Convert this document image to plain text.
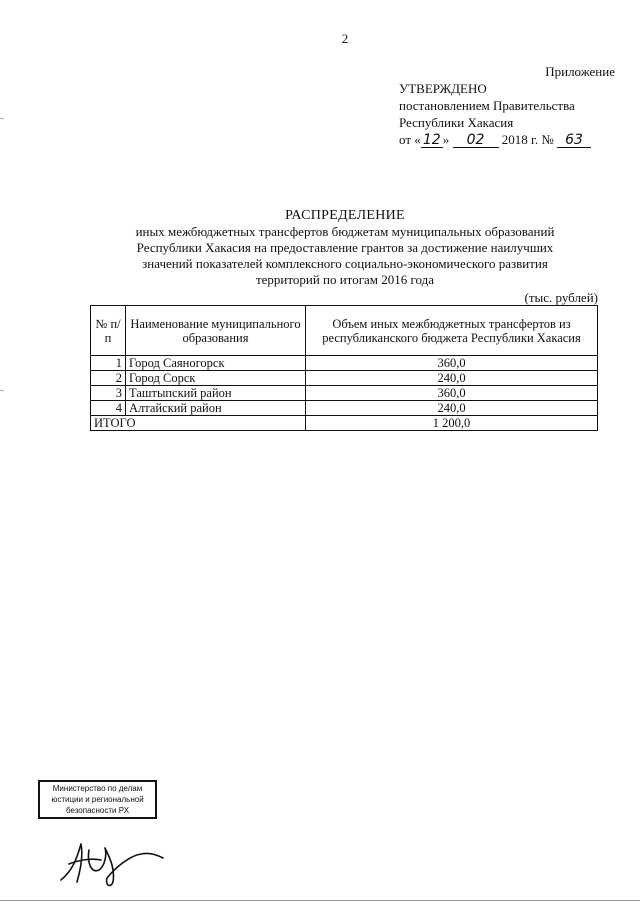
2
Приложение
УТВЕРЖДЕНО
постановлением Правительства
Республики Хакасия
от « 12 » 02 2018 г. № 63
РАСПРЕДЕЛЕНИЕ
иных межбюджетных трансфертов бюджетам муниципальных образований
Республики Хакасия на предоставление грантов за достижение наилучших
значений показателей комплексного социально-экономического развития
территорий по итогам 2016 года
(тыс. рублей)
№ п/п	Наименование муниципального образования	Объем иных межбюджетных трансфертов из республиканского бюджета Республики Хакасия
1	Город Саяногорск	360,0
2	Город Сорск	240,0
3	Таштыпский район	360,0
4	Алтайский район	240,0
ИТОГО		1 200,0
Министерство по делам
юстиции и региональной
безопасности РХ
